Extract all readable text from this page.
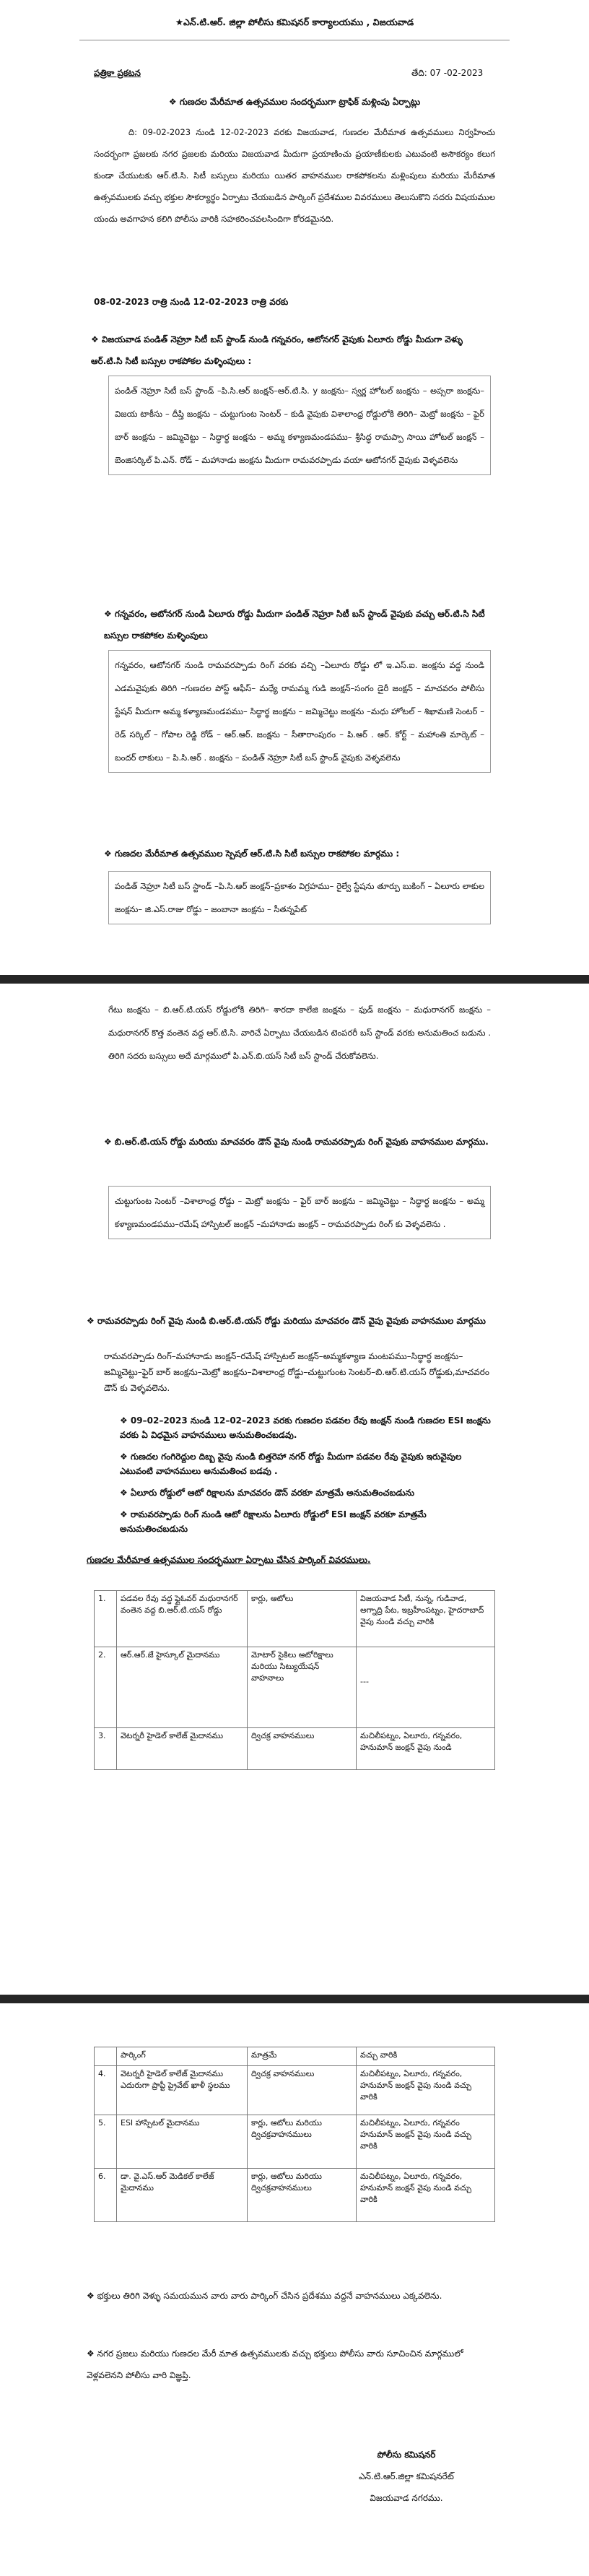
★ఎన్.టి.ఆర్. జిల్లా పోలీసు కమిషనర్ కార్యాలయము , విజయవాడ
పత్రికా ప్రకటన	తేది: 07 -02-2023
❖ గుణదల మేరీమాత ఉత్సవముల సందర్భముగా ట్రాఫిక్ మళ్లింపు ఏర్పాట్లు
ది: 09-02-2023 నుండి 12-02-2023 వరకు విజయవాడ, గుణదల మేరీమాత ఉత్సవములు నిర్వహించు సందర్భంగా ప్రజలకు నగర ప్రజలకు మరియు విజయవాడ మీదుగా ప్రయాణించు ప్రయాణీకులకు ఎటువంటి అసౌకర్యం కలుగ కుండా చేయుటకు ఆర్.టి.సి. సిటీ బస్సులు మరియు యితర వాహనముల రాకపోకలను మళ్లింపులు మరియు మేరీమాత ఉత్సవములకు వచ్చు భక్తుల సౌకర్యార్థం ఏర్పాటు చేయబడిన పార్కింగ్ ప్రదేశముల వివరములు తెలుసుకొని సదరు విషయముల యందు అవగాహన కలిగి పోలీసు వారికి సహకరించవలసిందిగా కోరడమైనది.
08-02-2023 రాత్రి నుండి 12-02-2023 రాత్రి వరకు
❖ విజయవాడ పండిత్ నెహ్రూ సిటీ బస్ స్టాండ్ నుండి గన్నవరం, ఆటోనగర్ వైపుకు ఏలూరు రోడ్డు మీదుగా వెళ్ళు ఆర్.టి.సి సిటీ బస్సుల రాకపోకల మళ్ళింపులు :
పండిత్ నెహ్రూ సిటీ బస్ స్టాండ్ –పి.సి.ఆర్ జంక్షన్–ఆర్.టి.సి. y జంక్షను– స్వర్ణ హోటల్ జంక్షను – అప్సరా జంక్షను– విజయ టాకీసు – దీప్తి జంక్షను – చుట్టుగుంట సెంటర్ – కుడి వైపుకు విశాలాంధ్ర రోడ్డులోకి తిరిగి– మెట్రో జంక్షను – ఫైర్ బార్ జంక్షను – జమ్మిచెట్టు – సిద్ధార్థ జంక్షను – అమ్మ కళ్యాణమండపము– శ్రీసిద్ధ రామప్పా సాయి హోటల్ జంక్షన్ – బెంజిసర్కిల్ పి.ఎన్. రోడ్ – మహానాడు జంక్షను మీదుగా రామవరప్పాడు వయా ఆటోనగర్ వైపుకు వెళ్ళవలెను
❖ గన్నవరం, ఆటోనగర్ నుండి ఏలూరు రోడ్డు మీదుగా పండిత్ నెహ్రూ సిటీ బస్ స్టాండ్ వైపుకు వచ్చు ఆర్.టి.సి సిటీ బస్సుల రాకపోకల మళ్ళింపులు
గన్నవరం, ఆటోనగర్ నుండి రామవరప్పాడు రింగ్ వరకు వచ్చి –ఏలూరు రోడ్డు లో ఇ.ఎస్.ఐ. జంక్షను వద్ద నుండి ఎడమవైపుకు తిరిగి –గుణదల పోస్ట్ ఆఫీస్– మధ్యే రామమ్మ గుడి జంక్షన్–సంగం డైరీ జంక్షన్ – మాచవరం పోలీసు స్టేషన్ మీదుగా అమ్మ కళ్యాణమండపము– సిద్ధార్థ జంక్షను – జమ్మిచెట్టు జంక్షను –మధు హోటల్ – శిఖామణి సెంటర్ – రెడ్ సర్కిల్ – గోపాల రెడ్డి రోడ్ – ఆర్.ఆర్. జంక్షను – సీతారాంపురం – పి.ఆర్ . ఆర్. కోర్ట్ – మహాంతి మార్కెట్ – బందర్ లాకులు – పి.సి.ఆర్ . జంక్షను – పండిత్ నెహ్రూ సిటీ బస్ స్టాండ్ వైపుకు వెళ్ళవలెను
❖ గుణదల మేరీమాత ఉత్సవముల స్పెషల్ ఆర్.టి.సి సిటీ బస్సుల రాకపోకల మార్గము :
పండిత్ నెహ్రూ సిటీ బస్ స్టాండ్ –పి.సి.ఆర్ జంక్షన్–ప్రకాశం విగ్రహము– రైల్వే స్టేషను తూర్పు బుకింగ్ – ఏలూరు లాకుల జంక్షను– జి.ఎస్.రాజు రోడ్డు – జంబానా జంక్షను – సీతన్నపేట్
గేటు జంక్షను – బి.ఆర్.టి.యస్ రోడ్డులోకి తిరిగి– శారదా కాలేజి జంక్షను – ఫుడ్ జంక్షను – మధురానగర్ జంక్షను – మధురానగర్ కొత్త వంతెన వద్ద ఆర్.టి.సి. వారిచే ఏర్పాటు చేయబడిన టెంపరరీ బస్ స్టాండ్ వరకు అనుమతించ బడును . తిరిగి సదరు బస్సులు అదే మార్గములో పి.ఎన్.బి.యస్ సిటీ బస్ స్టాండ్ చేరుకోవలెను.
❖ బి.ఆర్.టి.యస్ రోడ్డు మరియు మాచవరం డౌన్ వైపు నుండి రామవరప్పాడు రింగ్ వైపుకు వాహనముల మార్గము.
చుట్టుగుంట సెంటర్ –విశాలాంధ్ర రోడ్డు – మెట్రో జంక్షను – ఫైర్ బార్ జంక్షను – జమ్మిచెట్టు – సిద్ధార్థ జంక్షను – అమ్మ కళ్యాణమండపము–రమేష్ హాస్పిటల్ జంక్షన్ –మహానాడు జంక్షన్ – రామవరప్పాడు రింగ్ కు వెళ్ళవలెను .
❖ రామవరప్పాడు రింగ్ వైపు నుండి బి.ఆర్.టి.యస్ రోడ్డు మరియు మాచవరం డౌన్ వైపు వైపుకు వాహనముల మార్గము
రామవరప్పాడు రింగ్–మహానాడు జంక్షన్–రమేష్ హాస్పిటల్ జంక్షన్–అమ్మకళ్యాణ మంటపము–సిద్ధార్థ జంక్షను–జమ్మిచెట్టు–ఫైర్ బార్ జంక్షను–మెట్రో జంక్షను–విశాలాంధ్ర రోడ్డు–చుట్టుగుంట సెంటర్–బి.ఆర్.టి.యస్ రోడ్డుకు,మాచవరం డౌన్ కు వెళ్ళవలెను.
❖ 09–02–2023 నుండి 12–02–2023 వరకు గుణదల పడవల రేవు జంక్షన్ నుండి గుణదల ESI జంక్షను వరకు ఏ విధమైన వాహనములు అనుమతించబడవు.
❖ గుణదల గంగిరెద్దుల దిబ్బ వైపు నుండి బిత్తరెహా నగర్ రోడ్డు మీదుగా పడవల రేవు వైపుకు ఇరువైపుల ఎటువంటి వాహనములు అనుమతించ బడవు .
❖ ఏలూరు రోడ్డులో ఆటో రిక్షాలను మాచవరం డౌన్ వరకూ మాత్రమే అనుమతించబడును
❖ రామవరప్పాడు రింగ్ నుండి ఆటో రిక్షాలను ఏలూరు రోడ్డులో ESI జంక్షన్ వరకూ మాత్రమే అనుమతించబడును
గుణదల మేరీమాత ఉత్సవముల సందర్భముగా ఏర్పాటు చేసిన పార్కింగ్ వివరములు.
1.	పడవల రేవు వద్ద ఫ్లైఓవర్ మధురానగర్ వంతెన వద్ద బి.ఆర్.టి.యస్ రోడ్డు	కార్లు, ఆటోలు	విజయవాడ సిటీ, నున్న, గుడివాడ, అగ్నాద్రి పేట, ఇబ్రహీంపట్నం, హైదరాబాద్ వైపు నుండి వచ్చు వారికి
2.	ఆర్.ఆర్.జే హైస్కూల్ మైదానము	మోటార్ సైకిలు ఆటోరిక్షాలు మరియు సిట్యుయేషన్ వాహనాలు	---
3.	వెటర్నరీ హైడెల్ కాలేజ్ మైదానము	ద్విచక్ర వాహనములు	మచిలీపట్నం, ఏలూరు, గన్నవరం, హనుమాన్ జంక్షన్ వైపు నుండి
	పార్కింగ్	మాత్రమే	వచ్చు వారికి
4.	వెటర్నరీ హైడెల్ కాలేజ్ మైదానము ఎదురుగా ప్రాప్టీ ప్రైవేట్ ఖాళీ స్థలము	ద్విచక్ర వాహనములు	మచిలీపట్నం, ఏలూరు, గన్నవరం, హనుమాన్ జంక్షన్ వైపు నుండి వచ్చు వారికి
5.	ESI హాస్పిటల్ మైదానము	కార్లు, ఆటోలు మరియు ద్విచక్రవాహనములు	మచిలీపట్నం, ఏలూరు, గన్నవరం హనుమాన్ జంక్షన్ వైపు నుండి వచ్చు వారికి
6.	డా. వై.ఎస్.ఆర్ మెడికల్ కాలేజ్ మైదానము	కార్లు, ఆటోలు మరియు ద్విచక్రవాహనములు	మచిలీపట్నం, ఏలూరు, గన్నవరం, హనుమాన్ జంక్షన్ వైపు నుండి వచ్చు వారికి
❖ భక్తులు తిరిగి వెళ్ళు సమయమున వారు వారు పార్కింగ్ చేసిన ప్రదేశము వద్దనే వాహనములు ఎక్కవలెను.
❖ నగర ప్రజలు మరియు గుణదల మేరీ మాత ఉత్సవములకు వచ్చు భక్తులు పోలీసు వారు సూచించిన మార్గములో వెళ్లవలెనని పోలీసు వారి విజ్ఞప్తి.
పోలీసు కమిషనర్
ఎన్.టి.ఆర్.జిల్లా కమిషనరేట్
విజయవాడ నగరము.
